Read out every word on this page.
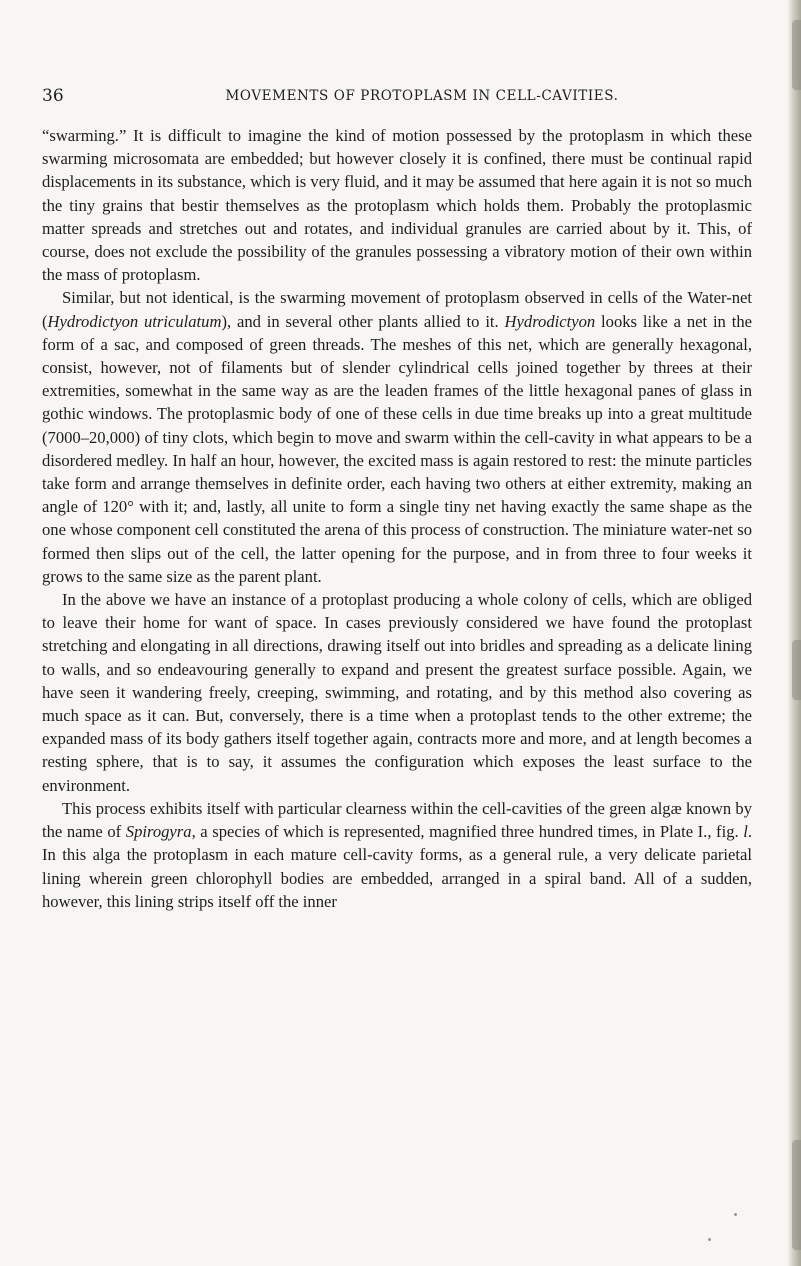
36	MOVEMENTS OF PROTOPLASM IN CELL-CAVITIES.

“swarming.” It is difficult to imagine the kind of motion possessed by the protoplasm in which these swarming microsomata are embedded; but however closely it is confined, there must be continual rapid displacements in its substance, which is very fluid, and it may be assumed that here again it is not so much the tiny grains that bestir themselves as the protoplasm which holds them. Probably the protoplasmic matter spreads and stretches out and rotates, and individual granules are carried about by it. This, of course, does not exclude the possibility of the granules possessing a vibratory motion of their own within the mass of protoplasm.

Similar, but not identical, is the swarming movement of protoplasm observed in cells of the Water-net (Hydrodictyon utriculatum), and in several other plants allied to it. Hydrodictyon looks like a net in the form of a sac, and composed of green threads. The meshes of this net, which are generally hexagonal, consist, however, not of filaments but of slender cylindrical cells joined together by threes at their extremities, somewhat in the same way as are the leaden frames of the little hexagonal panes of glass in gothic windows. The protoplasmic body of one of these cells in due time breaks up into a great multitude (7000–20,000) of tiny clots, which begin to move and swarm within the cell-cavity in what appears to be a disordered medley. In half an hour, however, the excited mass is again restored to rest: the minute particles take form and arrange themselves in definite order, each having two others at either extremity, making an angle of 120° with it; and, lastly, all unite to form a single tiny net having exactly the same shape as the one whose component cell constituted the arena of this process of construction. The miniature water-net so formed then slips out of the cell, the latter opening for the purpose, and in from three to four weeks it grows to the same size as the parent plant.

In the above we have an instance of a protoplast producing a whole colony of cells, which are obliged to leave their home for want of space. In cases previously considered we have found the protoplast stretching and elongating in all directions, drawing itself out into bridles and spreading as a delicate lining to walls, and so endeavouring generally to expand and present the greatest surface possible. Again, we have seen it wandering freely, creeping, swimming, and rotating, and by this method also covering as much space as it can. But, conversely, there is a time when a protoplast tends to the other extreme; the expanded mass of its body gathers itself together again, contracts more and more, and at length becomes a resting sphere, that is to say, it assumes the configuration which exposes the least surface to the environment.

This process exhibits itself with particular clearness within the cell-cavities of the green algæ known by the name of Spirogyra, a species of which is represented, magnified three hundred times, in Plate I., fig. l. In this alga the protoplasm in each mature cell-cavity forms, as a general rule, a very delicate parietal lining wherein green chlorophyll bodies are embedded, arranged in a spiral band. All of a sudden, however, this lining strips itself off the inner
